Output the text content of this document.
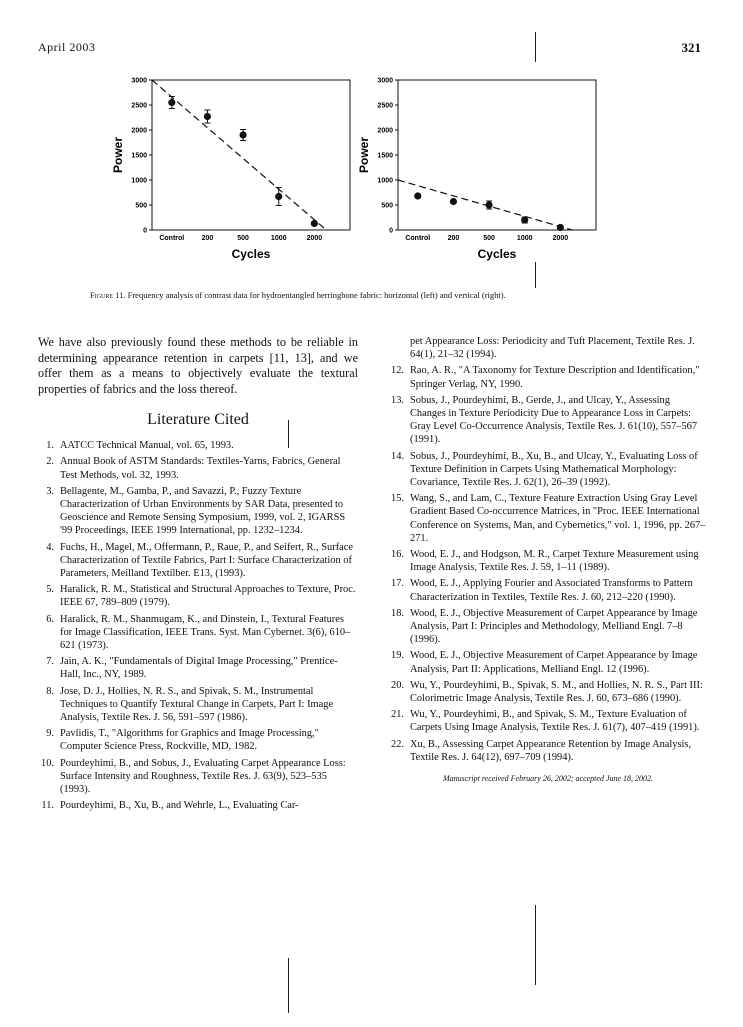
April 2003	321
0
500
1000
1500
2000
2500
3000
Control 200	500	1000	2000
Cycles
Power
0
500
1000
1500
2000
2500
3000
Control 200	500	1000	2000
Cycles
Power
Figure 11. Frequency analysis of contrast data for hydroentangled herringbone fabric: horizontal (left) and vertical (right).

We have also previously found these methods to be reliable in determining appearance retention in carpets [11, 13], and we offer them as a means to objectively evaluate the textural properties of fabrics and the loss thereof.

Literature Cited
1. AATCC Technical Manual, vol. 65, 1993.
2. Annual Book of ASTM Standards: Textiles-Yarns, Fabrics, General Test Methods, vol. 32, 1993.
3. Bellagente, M., Gamba, P., and Savazzi, P., Fuzzy Texture Characterization of Urban Environments by SAR Data, presented to Geoscience and Remote Sensing Symposium, 1999, vol. 2, IGARSS '99 Proceedings, IEEE 1999 International, pp. 1232–1234.
4. Fuchs, H., Magel, M., Offermann, P., Raue, P., and Seifert, R., Surface Characterization of Textile Fabrics, Part I: Surface Characterization of Parameters, Meilland Textilber. E13, (1993).
5. Haralick, R. M., Statistical and Structural Approaches to Texture, Proc. IEEE 67, 789–809 (1979).
6. Haralick, R. M., Shanmugam, K., and Dinstein, I., Textural Features for Image Classification, IEEE Trans. Syst. Man Cybernet. 3(6), 610–621 (1973).
7. Jain, A. K., "Fundamentals of Digital Image Processing," Prentice-Hall, Inc., NY, 1989.
8. Jose, D. J., Hollies, N. R. S., and Spivak, S. M., Instrumental Techniques to Quantify Textural Change in Carpets, Part I: Image Analysis, Textile Res. J. 56, 591–597 (1986).
9. Pavlidis, T., "Algorithms for Graphics and Image Processing," Computer Science Press, Rockville, MD, 1982.
10. Pourdeyhimi, B., and Sobus, J., Evaluating Carpet Appearance Loss: Surface Intensity and Roughness, Textile Res. J. 63(9), 523–535 (1993).
11. Pourdeyhimi, B., Xu, B., and Wehrle, L., Evaluating Car-
pet Appearance Loss: Periodicity and Tuft Placement, Textile Res. J. 64(1), 21–32 (1994).
12. Rao, A. R., "A Taxonomy for Texture Description and Identification," Springer Verlag, NY, 1990.
13. Sobus, J., Pourdeyhimi, B., Gerde, J., and Ulcay, Y., Assessing Changes in Texture Periodicity Due to Appearance Loss in Carpets: Gray Level Co-Occurrence Analysis, Textile Res. J. 61(10), 557–567 (1991).
14. Sobus, J., Pourdeyhimi, B., Xu, B., and Ulcay, Y., Evaluating Loss of Texture Definition in Carpets Using Mathematical Morphology: Covariance, Textile Res. J. 62(1), 26–39 (1992).
15. Wang, S., and Lam, C., Texture Feature Extraction Using Gray Level Gradient Based Co-occurrence Matrices, in "Proc. IEEE International Conference on Systems, Man, and Cybernetics," vol. 1, 1996, pp. 267–271.
16. Wood, E. J., and Hodgson, M. R., Carpet Texture Measurement using Image Analysis, Textile Res. J. 59, 1–11 (1989).
17. Wood, E. J., Applying Fourier and Associated Transforms to Pattern Characterization in Textiles, Textile Res. J. 60, 212–220 (1990).
18. Wood, E. J., Objective Measurement of Carpet Appearance by Image Analysis, Part I: Principles and Methodology, Melliand Engl. 7–8 (1996).
19. Wood, E. J., Objective Measurement of Carpet Appearance by Image Analysis, Part II: Applications, Melliand Engl. 12 (1996).
20. Wu, Y., Pourdeyhimi, B., Spivak, S. M., and Hollies, N. R. S., Part III: Colorimetric Image Analysis, Textile Res. J. 60, 673–686 (1990).
21. Wu, Y., Pourdeyhimi, B., and Spivak, S. M., Texture Evaluation of Carpets Using Image Analysis, Textile Res. J. 61(7), 407–419 (1991).
22. Xu, B., Assessing Carpet Appearance Retention by Image Analysis, Textile Res. J. 64(12), 697–709 (1994).
Manuscript received February 26, 2002; accepted June 18, 2002.
